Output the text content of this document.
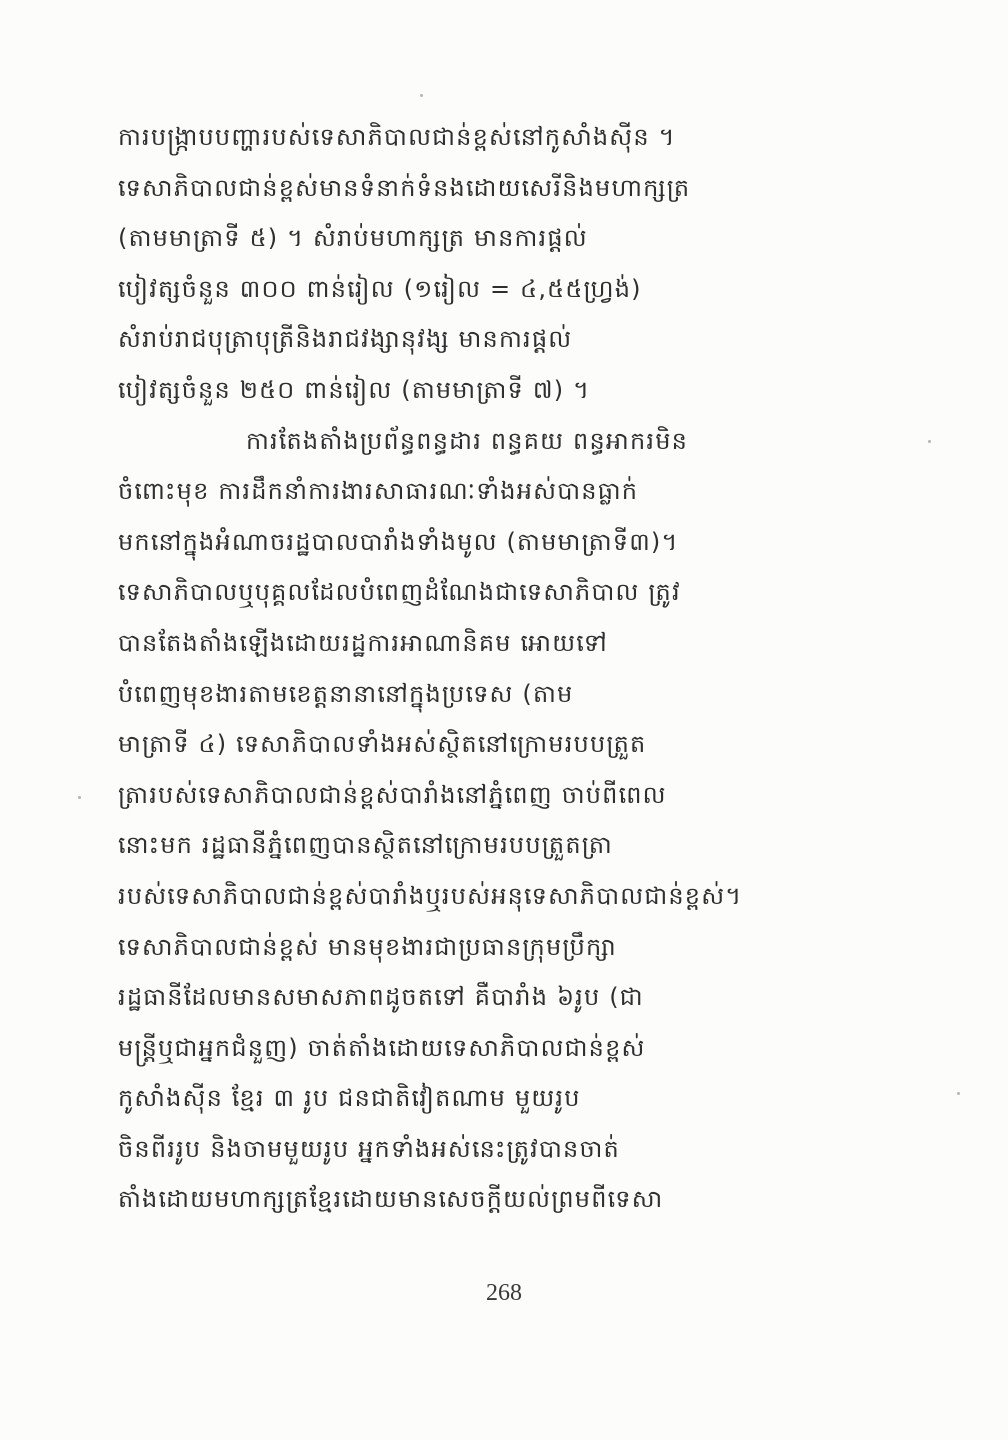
ការបង្ក្រាបបញ្ហារបស់ទេសាភិបាលជាន់ខ្ពស់នៅកូសាំងស៊ីន ។
ទេសាភិបាលជាន់ខ្ពស់មានទំនាក់ទំនងដោយសេរីនិងមហាក្សត្រ
(តាមមាត្រាទី ៥) ។ សំរាប់មហាក្សត្រ មានការផ្តល់
បៀវត្សចំនួន ៣០០ ពាន់រៀល (១រៀល = ៤,៥៥ហ្វ្រង់)
សំរាប់រាជបុត្រាបុត្រីនិងរាជវង្សានុវង្ស មានការផ្តល់
បៀវត្សចំនួន ២៥០ ពាន់រៀល (តាមមាត្រាទី ៧) ។
ការតែងតាំងប្រព័ន្ធពន្ធដារ ពន្ធគយ ពន្ធអាករមិន
ចំពោះមុខ ការដឹកនាំការងារសាធារណៈទាំងអស់បានធ្លាក់
មកនៅក្នុងអំណាចរដ្ឋបាលបារាំងទាំងមូល (តាមមាត្រាទី៣)។
ទេសាភិបាលឬបុគ្គលដែលបំពេញដំណែងជាទេសាភិបាល ត្រូវ
បានតែងតាំងឡើងដោយរដ្ឋការអាណានិគម អោយទៅ
បំពេញមុខងារតាមខេត្តនានានៅក្នុងប្រទេស (តាម
មាត្រាទី ៤) ទេសាភិបាលទាំងអស់ស្ថិតនៅក្រោមរបបត្រួត
ត្រារបស់ទេសាភិបាលជាន់ខ្ពស់បារាំងនៅភ្នំពេញ ចាប់ពីពេល
នោះមក រដ្ឋធានីភ្នំពេញបានស្ថិតនៅក្រោមរបបត្រួតត្រា
របស់ទេសាភិបាលជាន់ខ្ពស់បារាំងឬរបស់អនុទេសាភិបាលជាន់ខ្ពស់។
ទេសាភិបាលជាន់ខ្ពស់ មានមុខងារជាប្រធានក្រុមប្រឹក្សា
រដ្ឋធានីដែលមានសមាសភាពដូចតទៅ គឺបារាំង ៦រូប (ជា
មន្ត្រីឬជាអ្នកជំនួញ) ចាត់តាំងដោយទេសាភិបាលជាន់ខ្ពស់
កូសាំងស៊ីន ខ្មែរ ៣ រូប ជនជាតិវៀតណាម មួយរូប
ចិនពីររូប និងចាមមួយរូប អ្នកទាំងអស់នេះត្រូវបានចាត់
តាំងដោយមហាក្សត្រខ្មែរដោយមានសេចក្តីយល់ព្រមពីទេសា
268
